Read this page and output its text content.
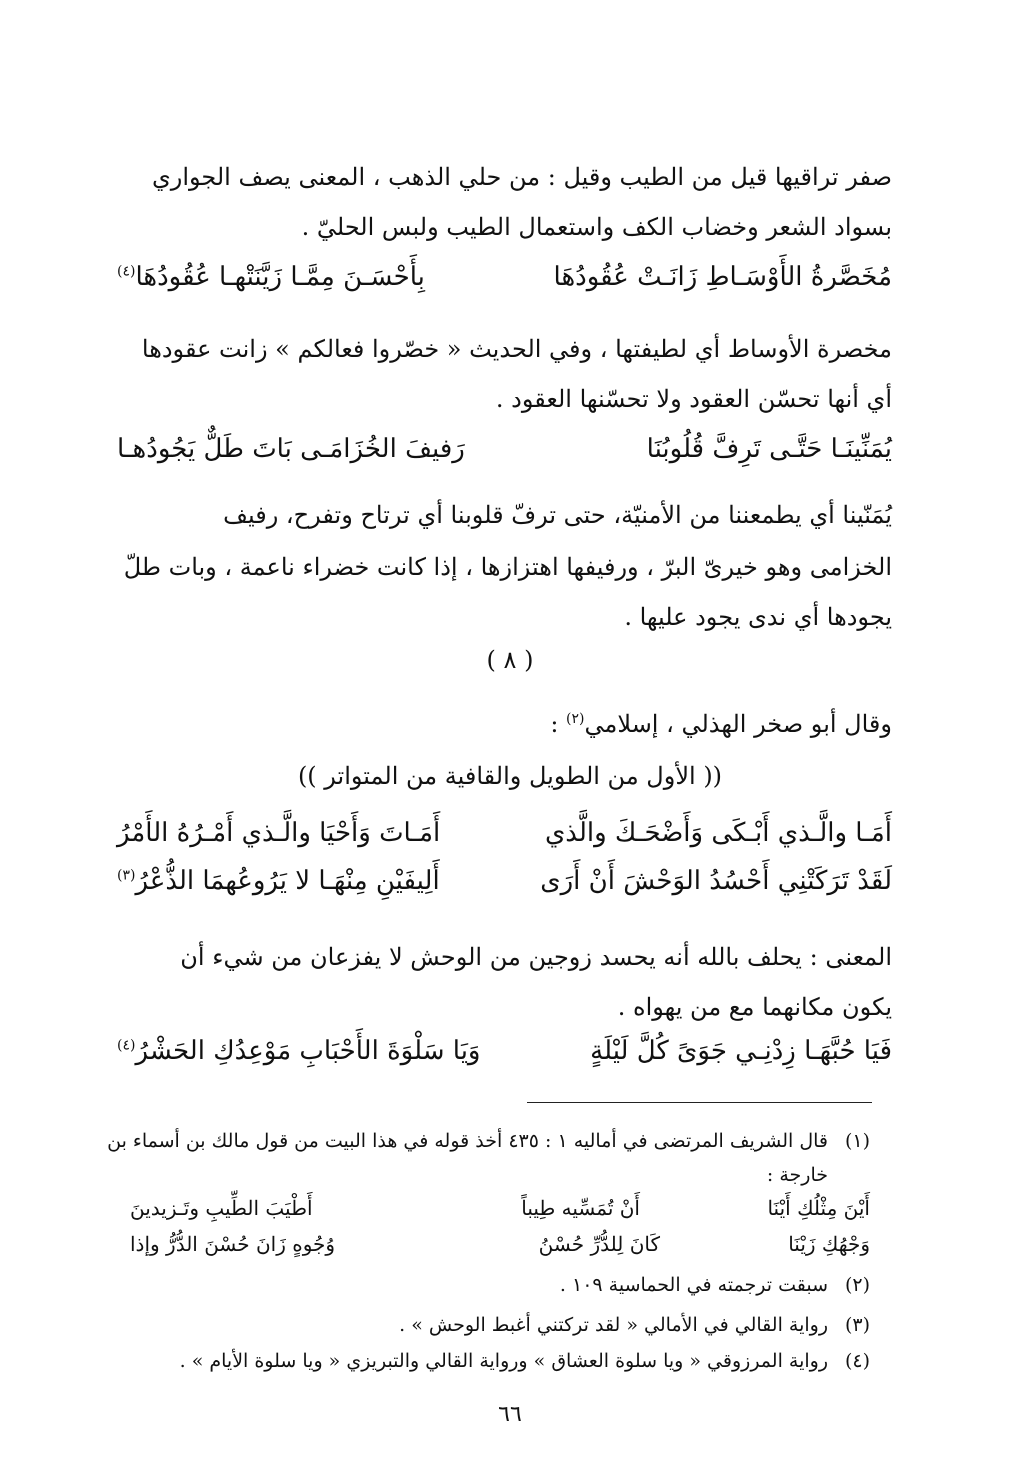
صفر تراقيها قيل من الطيب وقيل : من حلي الذهب ، المعنى يصف الجواري
بسواد الشعر وخضاب الكف واستعمال الطيب ولبس الحليّ .
مُخَصَّرةُ الأَوْسَـاطِ زَانَـتْ عُقُودُهَا
بِأَحْسَـنَ مِمَّـا زَيَّنَتْهـا عُقُودُهَا$^{(٤)}$
مخصرة الأوساط أي لطيفتها ، وفي الحديث « خصّروا فعالكم » زانت عقودها
أي أنها تحسّن العقود ولا تحسّنها العقود .
يُمَنِّينَـا حَتَّـى تَرِفَّ قُلُوبُنَا
رَفيفَ الخُزَامَـى بَاتَ طَلٌّ يَجُودُهـا
يُمَنّينا أي يطمعننا من الأمنيّة، حتى ترفّ قلوبنا أي ترتاح وتفرح، رفيف
الخزامى وهو خيرىّ البرّ ، ورفيفها اهتزازها ، إذا كانت خضراء ناعمة ، وبات طلّ
يجودها أي ندى يجود عليها .
( ٨ )
وقال أبو صخر الهذلي ، إسلامي$^{(٢)}$ :
(( الأول من الطويل والقافية من المتواتر ))
أَمَـا والَّـذي أَبْـكَى وَأَضْحَـكَ والَّذي
أَمَـاتَ وَأَحْيَا والَّـذي أَمْـرُهُ الأَمْرُ
لَقَدْ تَرَكَتْنِي أَحْسُدُ الوَحْشَ أَنْ أَرَى
أَلِيفَيْنِ مِنْهَـا لا يَرُوعُهمَا الذُّعْرُ$^{(٣)}$
المعنى : يحلف بالله أنه يحسد زوجين من الوحش لا يفزعان من شيء أن
يكون مكانهما مع من يهواه .
فَيَا حُبَّهَـا زِدْنِـي جَوَىً كُلَّ لَيْلَةٍ
وَيَا سَلْوَةَ الأَحْبَابِ مَوْعِدُكِ الحَشْرُ$^{(٤)}$
(١)قال الشريف المرتضى في أماليه ١ : ٤٣٥ أخذ قوله في هذا البيت من قول مالك بن أسماء بن
خارجة :
أَيْنَ مِثْلُكِ أَيْنَا
أَنْ تُمَسِّيه طِيباً
أَطْيَبَ الطِّيبِ وتَـزيدينَ
وَجْهُكِ زَيْنَا
كَانَ لِلدُّرِّ حُسْنُ
وُجُوهٍ زَانَ حُسْنَ الدُّرُّ وإذا
(٢)سبقت ترجمته في الحماسية ١٠٩ .
(٣)رواية القالي في الأمالي « لقد تركتني أغبط الوحش » .
(٤)رواية المرزوقي « ويا سلوة العشاق » ورواية القالي والتبريزي « ويا سلوة الأيام » .
٦٦
